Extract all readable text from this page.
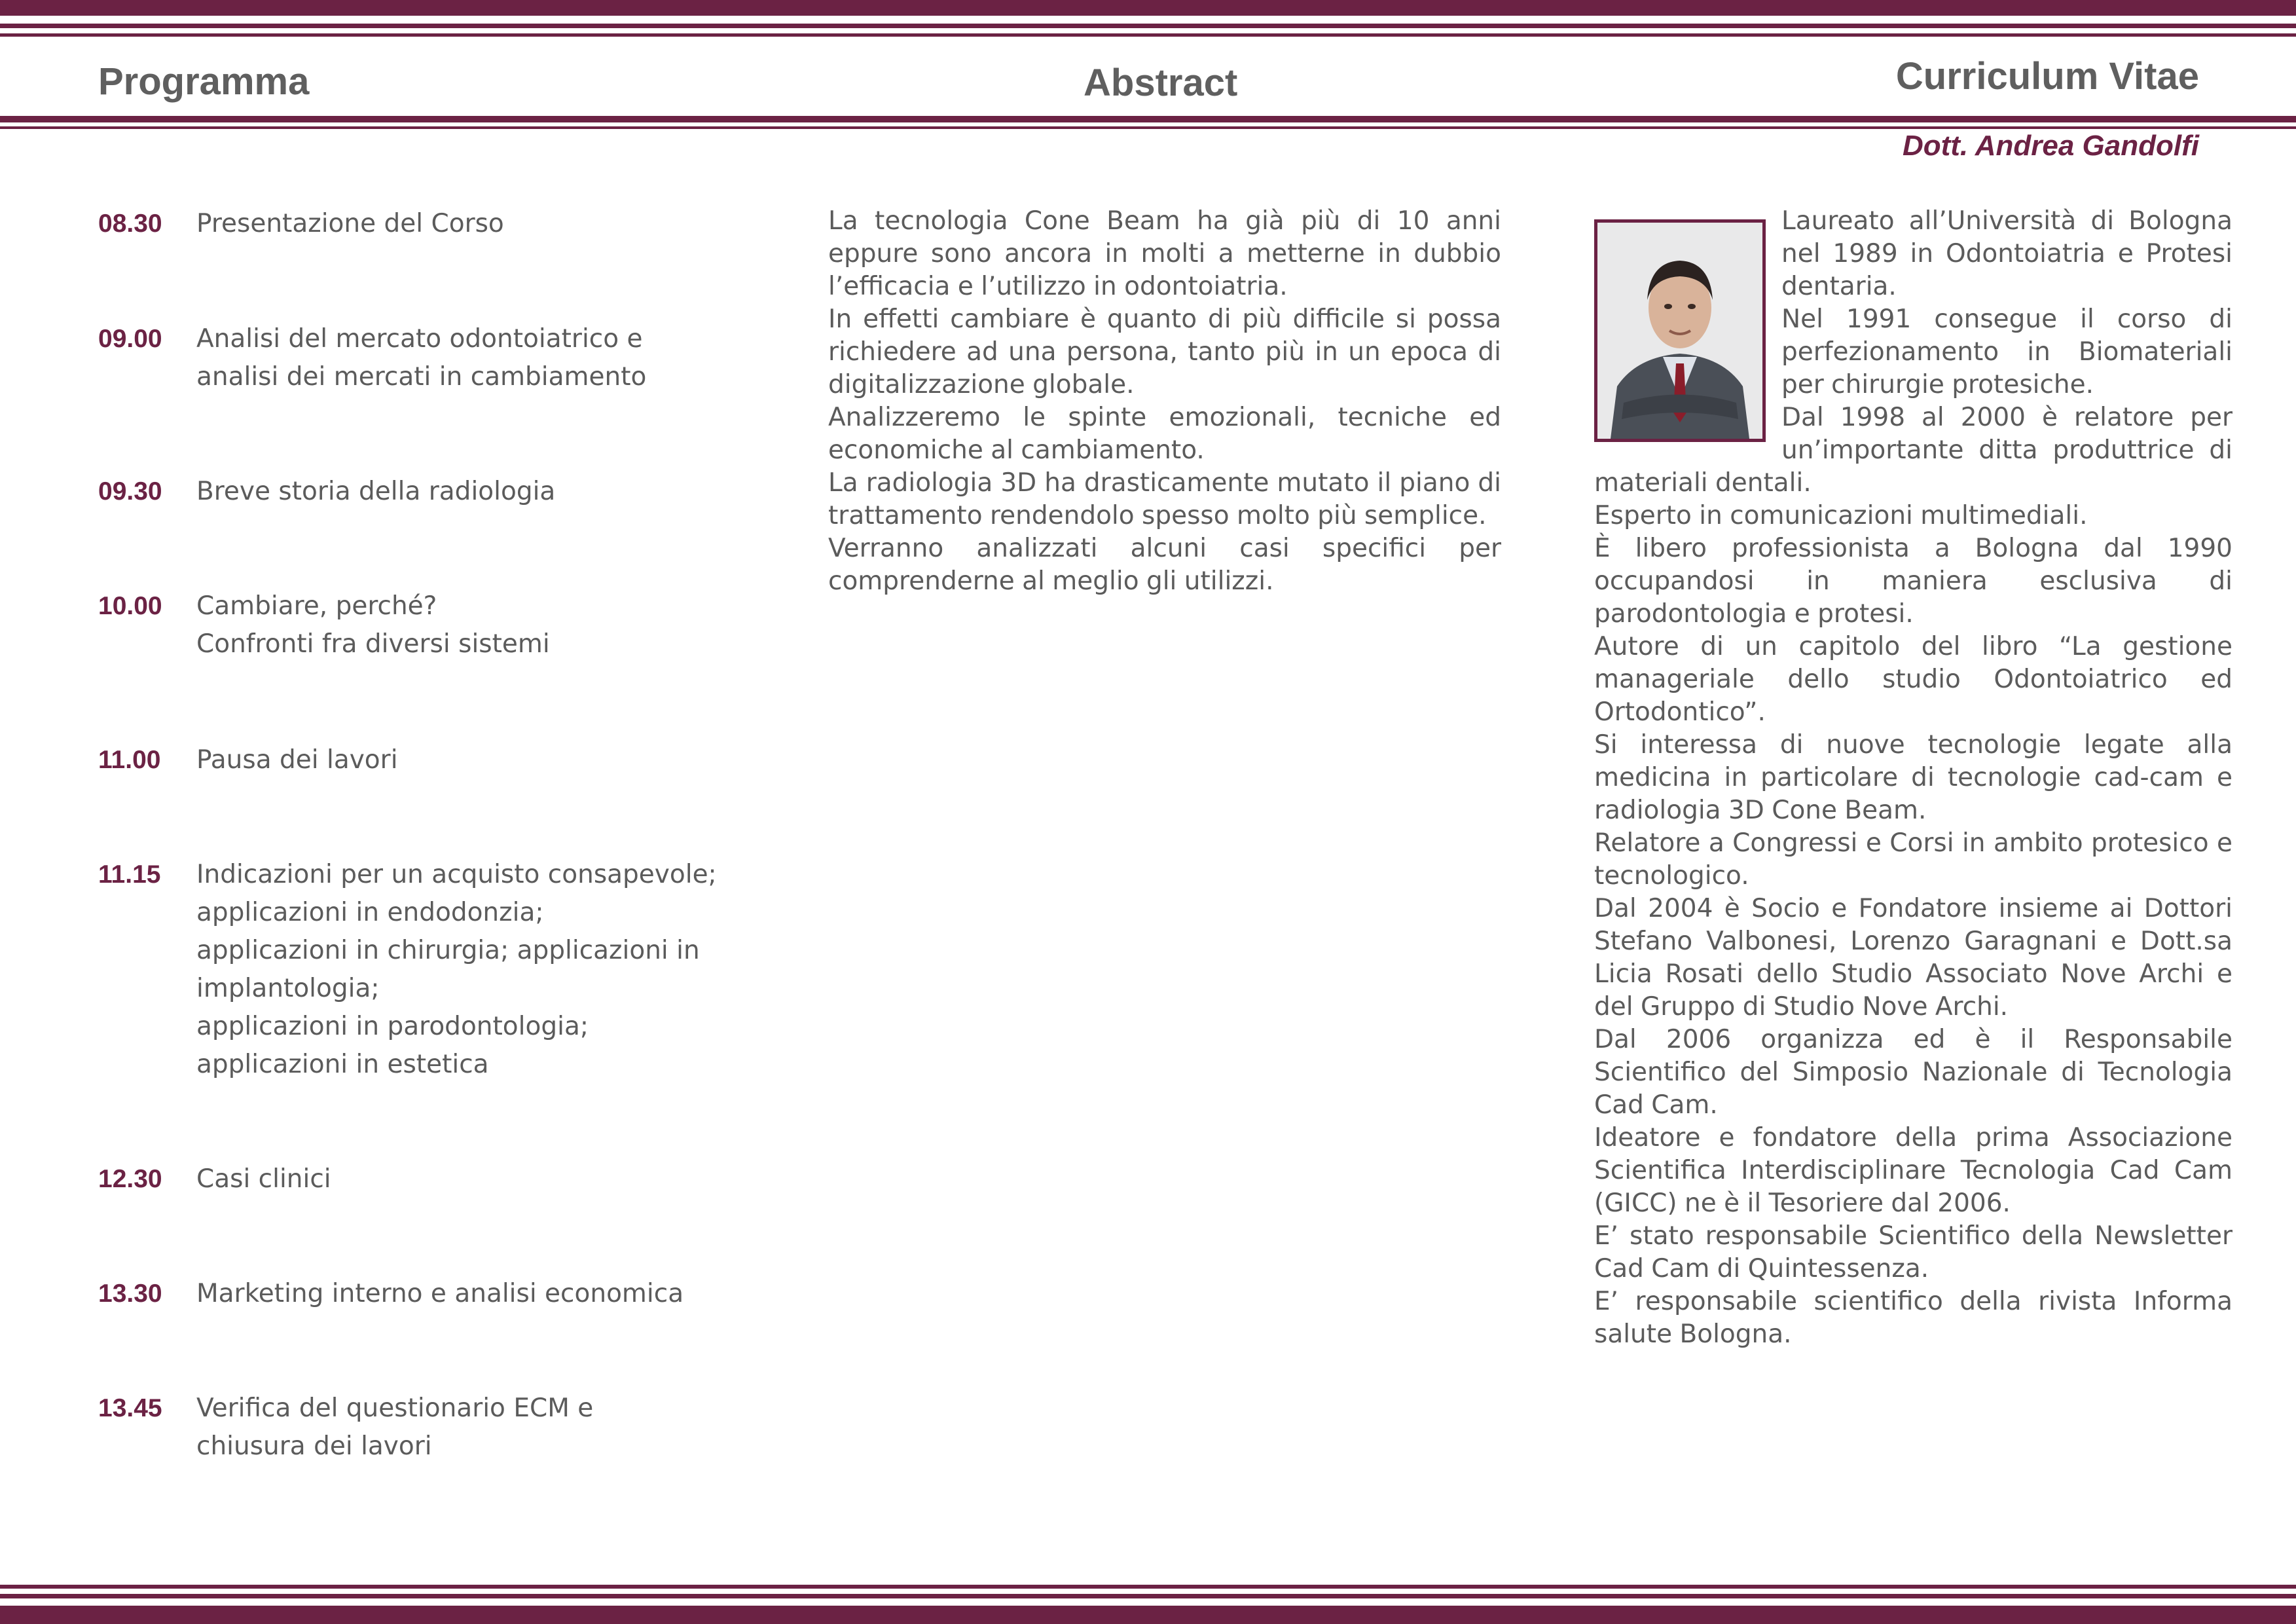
Programma	Abstract	Curriculum Vitae

Dott. Andrea Gandolfi

08.30	Presentazione del Corso
09.00	Analisi del mercato odontoiatrico e
analisi dei mercati in cambiamento
09.30	Breve storia della radiologia
10.00	Cambiare, perché?
Confronti fra diversi sistemi
11.00	Pausa dei lavori
11.15	Indicazioni per un acquisto consapevole;
applicazioni in endodonzia;
applicazioni in chirurgia; applicazioni in
implantologia;
applicazioni in parodontologia;
applicazioni in estetica
12.30	Casi clinici
13.30	Marketing interno e analisi economica
13.45	Verifica del questionario ECM e
chiusura dei lavori

La tecnologia Cone Beam ha già più di 10 anni eppure sono ancora in molti a metterne in dubbio l’efficacia e l’utilizzo in odontoiatria.

In effetti cambiare è quanto di più difficile si possa richiedere ad una persona, tanto più in un epoca di digitalizzazione globale.

Analizzeremo le spinte emozionali, tecniche ed economiche al cambiamento.

La radiologia 3D ha drasticamente mutato il piano di trattamento rendendolo spesso molto più semplice.

Verranno analizzati alcuni casi specifici per comprenderne al meglio gli utilizzi.

Laureato all’Università di Bologna nel 1989 in Odontoiatria e Protesi dentaria.

Nel 1991 consegue il corso di perfezionamento in Biomateriali per chirurgie protesiche.

Dal 1998 al 2000 è relatore per un’importante ditta produttrice di materiali dentali.

Esperto in comunicazioni multimediali.

È libero professionista a Bologna dal 1990 occupandosi in maniera esclusiva di parodontologia e protesi.

Autore di un capitolo del libro “La gestione manageriale dello studio Odontoiatrico ed Ortodontico”.

Si interessa di nuove tecnologie legate alla medicina in particolare di tecnologie cad-cam e radiologia 3D Cone Beam.

Relatore a Congressi e Corsi in ambito protesico e tecnologico.

Dal 2004 è Socio e Fondatore insieme ai Dottori Stefano Valbonesi, Lorenzo Garagnani e Dott.sa Licia Rosati dello Studio Associato Nove Archi e del Gruppo di Studio Nove Archi.

Dal 2006 organizza ed è il Responsabile Scientifico del Simposio Nazionale di Tecnologia Cad Cam.

Ideatore e fondatore della prima Associazione Scientifica Interdisciplinare Tecnologia Cad Cam (GICC) ne è il Tesoriere dal 2006.

E’ stato responsabile Scientifico della Newsletter Cad Cam di Quintessenza.

E’ responsabile scientifico della rivista Informa salute Bologna.
